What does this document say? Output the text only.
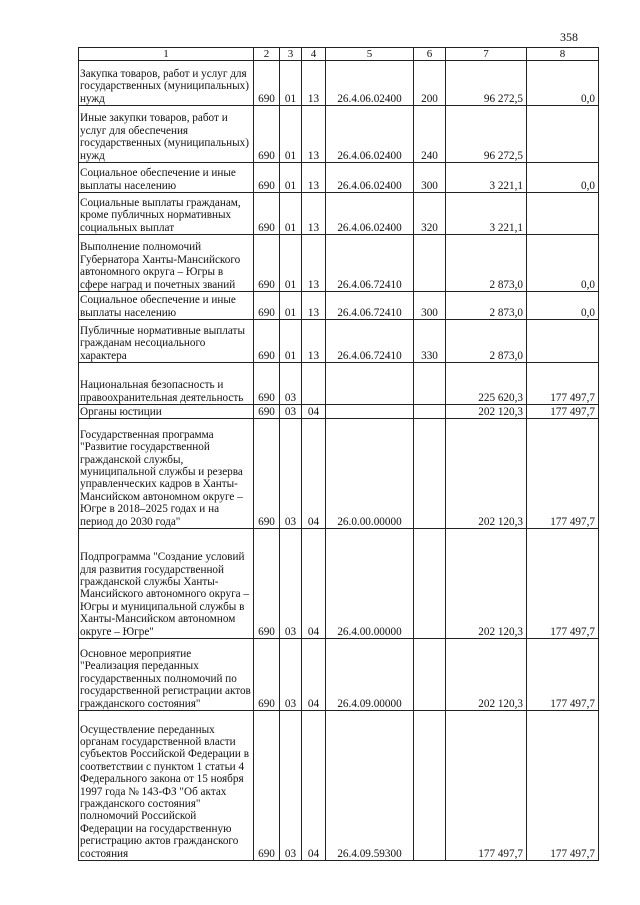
358
1	2	3	4	5	6	7	8
Закупка товаров, работ и услуг для государственных (муниципальных) нужд	690	01	13	26.4.06.02400	200	96 272,5	0,0
Иные закупки товаров, работ и услуг для обеспечения государственных (муниципальных) нужд	690	01	13	26.4.06.02400	240	96 272,5	
Социальное обеспечение и иные выплаты населению	690	01	13	26.4.06.02400	300	3 221,1	0,0
Социальные выплаты гражданам, кроме публичных нормативных социальных выплат	690	01	13	26.4.06.02400	320	3 221,1	
Выполнение полномочий Губернатора Ханты-Мансийского автономного округа – Югры в сфере наград и почетных званий	690	01	13	26.4.06.72410		2 873,0	0,0
Социальное обеспечение и иные выплаты населению	690	01	13	26.4.06.72410	300	2 873,0	0,0
Публичные нормативные выплаты гражданам несоциального характера	690	01	13	26.4.06.72410	330	2 873,0	
Национальная безопасность и правоохранительная деятельность	690	03				225 620,3	177 497,7
Органы юстиции	690	03	04			202 120,3	177 497,7
Государственная программа "Развитие государственной гражданской службы, муниципальной службы и резерва управленческих кадров в Ханты-Мансийском автономном округе – Югре в 2018–2025 годах и на период до 2030 года"	690	03	04	26.0.00.00000		202 120,3	177 497,7
Подпрограмма "Создание условий для развития государственной гражданской службы Ханты-Мансийского автономного округа – Югры и муниципальной службы в Ханты-Мансийском автономном округе – Югре"	690	03	04	26.4.00.00000		202 120,3	177 497,7
Основное мероприятие "Реализация переданных государственных полномочий по государственной регистрации актов гражданского состояния"	690	03	04	26.4.09.00000		202 120,3	177 497,7
Осуществление переданных органам государственной власти субъектов Российской Федерации в соответствии с пунктом 1 статьи 4 Федерального закона от 15 ноября 1997 года № 143-ФЗ "Об актах гражданского состояния" полномочий Российской Федерации на государственную регистрацию актов гражданского состояния	690	03	04	26.4.09.59300		177 497,7	177 497,7
